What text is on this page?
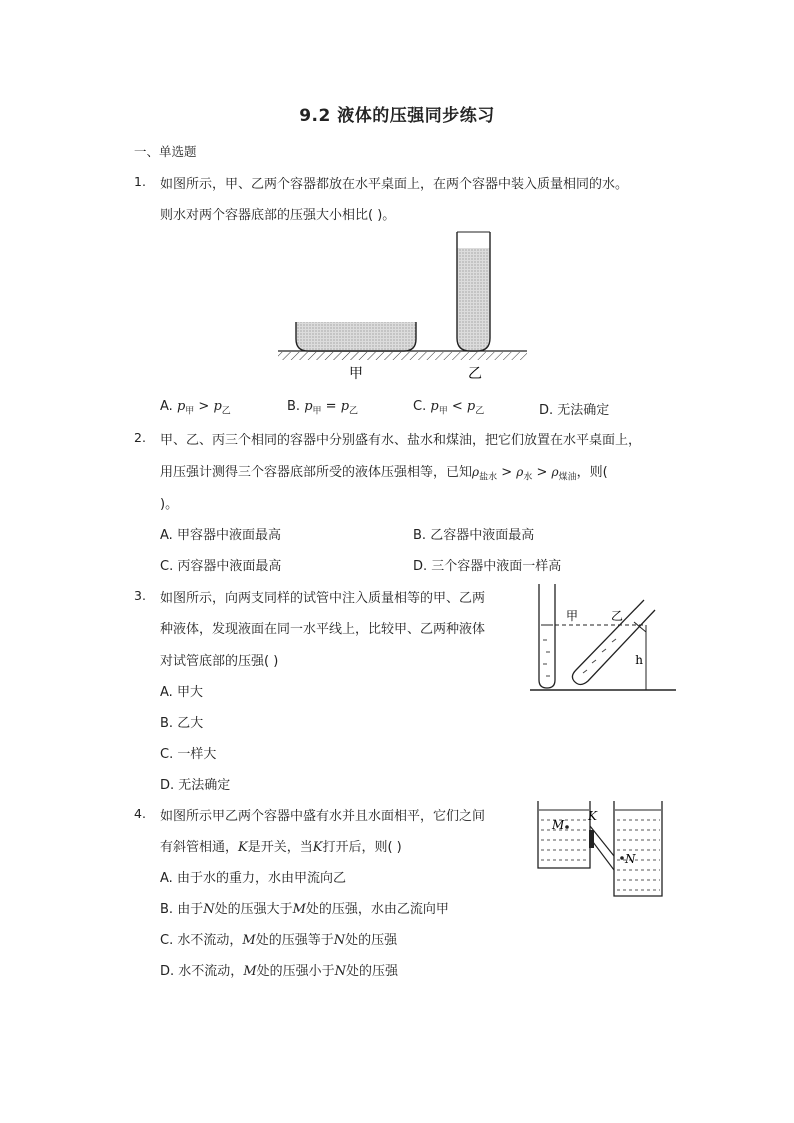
9.2 液体的压强同步练习
一、单选题
1. 如图所示，甲、乙两个容器都放在水平桌面上，在两个容器中装入质量相同的水。
则水对两个容器底部的压强大小相比( )。
甲	乙
A. $p_甲 > p_乙$	B. $p_甲 = p_乙$	C. $p_甲 < p_乙$	D. 无法确定
2. 甲、乙、丙三个相同的容器中分别盛有水、盐水和煤油，把它们放置在水平桌面上，
用压强计测得三个容器底部所受的液体压强相等，已知$\rho_{盐水} > \rho_水 > \rho_{煤油}$，则(
)。
A. 甲容器中液面最高	B. 乙容器中液面最高
C. 丙容器中液面最高	D. 三个容器中液面一样高
3. 如图所示，向两支同样的试管中注入质量相等的甲、乙两
种液体，发现液面在同一水平线上，比较甲、乙两种液体
对试管底部的压强( )	h
甲	乙
A. 甲大
B. 乙大
C. 一样大
D. 无法确定
4. 如图所示甲乙两个容器中盛有水并且水面相平，它们之间
有斜管相通，K是开关，当K打开后，则( )
M
K
N
A. 由于水的重力，水由甲流向乙
B. 由于N处的压强大于M处的压强，水由乙流向甲
C. 水不流动，M处的压强等于N处的压强
D. 水不流动，M处的压强小于N处的压强
